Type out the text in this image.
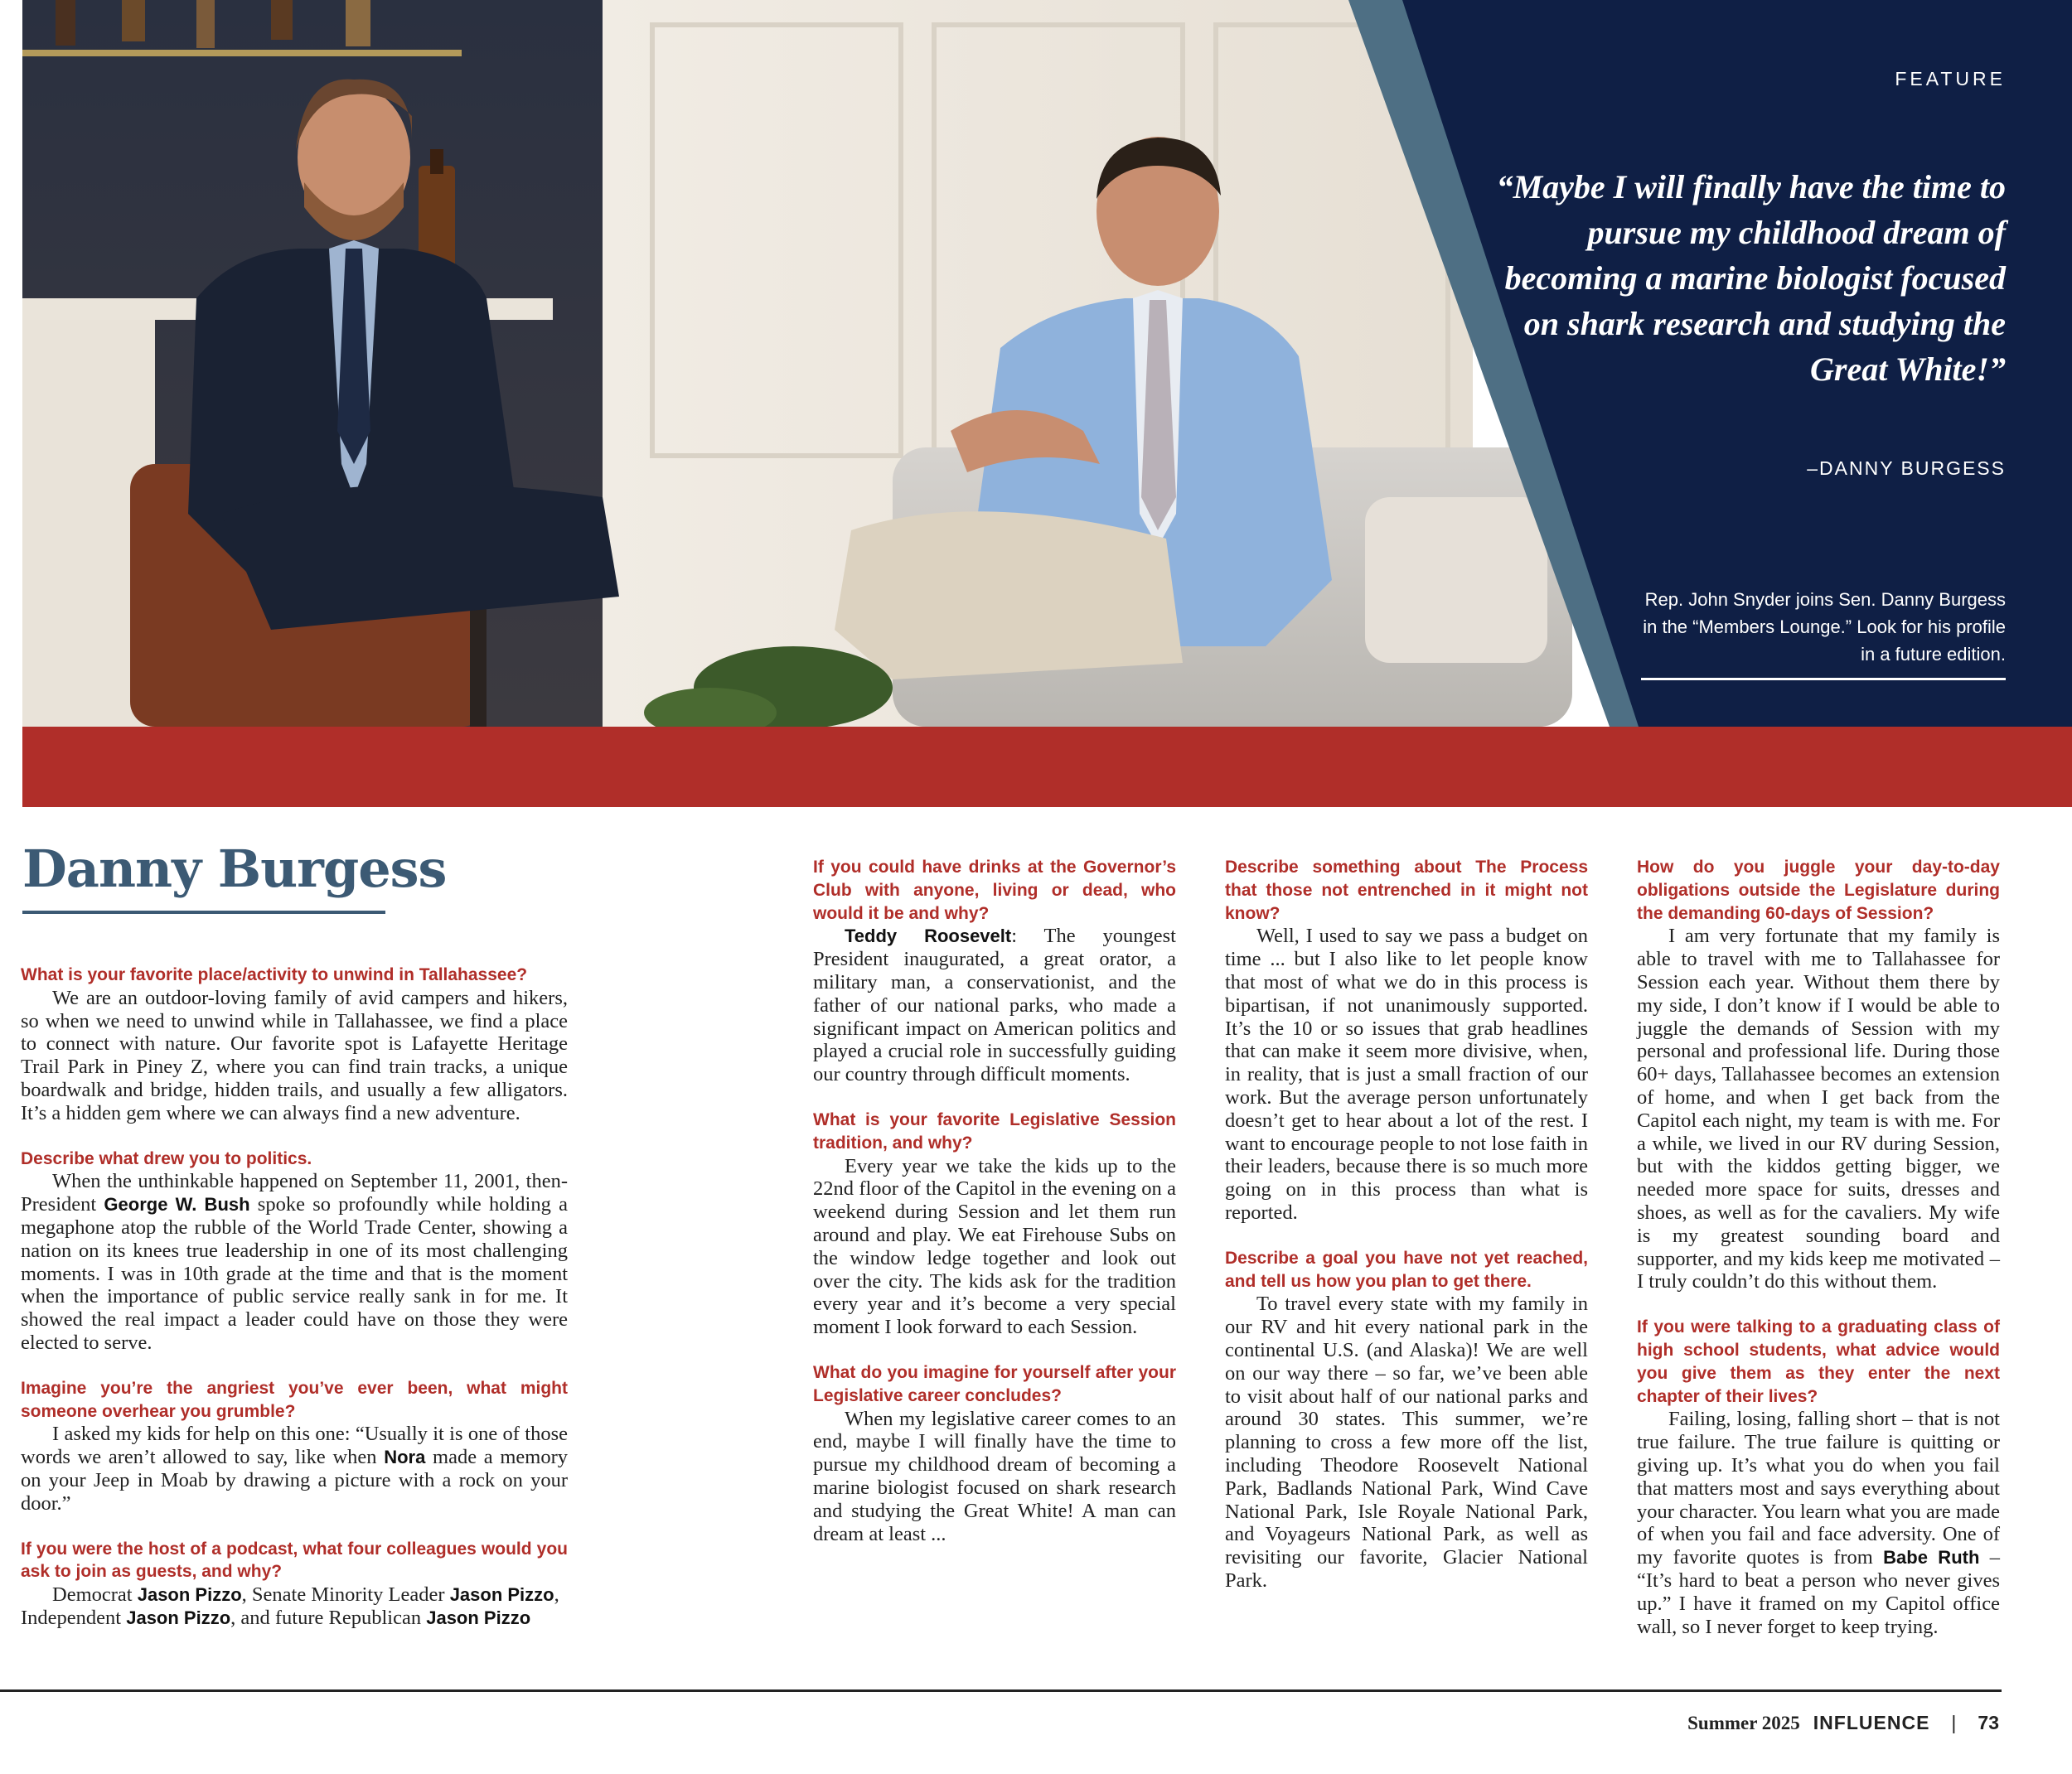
FEATURE
“Maybe I will finally have the time to pursue my childhood dream of becoming a marine biologist focused on shark research and studying the Great White!”
–DANNY BURGESS
Rep. John Snyder joins Sen. Danny Burgess in the “Members Lounge.” Look for his profile in a future edition.
Danny Burgess

What is your favorite place/activity to unwind in Tallahassee?

We are an outdoor-loving family of avid campers and hikers, so when we need to unwind while in Tallahassee, we find a place to connect with nature. Our favorite spot is Lafayette Heritage Trail Park in Piney Z, where you can find train tracks, a unique boardwalk and bridge, hidden trails, and usually a few alligators. It’s a hidden gem where we can always find a new adventure.

Describe what drew you to politics.

When the unthinkable happened on September 11, 2001, then-President George W. Bush spoke so profoundly while holding a megaphone atop the rubble of the World Trade Center, showing a nation on its knees true leadership in one of its most challenging moments. I was in 10th grade at the time and that is the moment when the importance of public service really sank in for me. It showed the real impact a leader could have on those they were elected to serve.

Imagine you’re the angriest you’ve ever been, what might someone overhear you grumble?

I asked my kids for help on this one: “Usually it is one of those words we aren’t allowed to say, like when Nora made a memory on your Jeep in Moab by drawing a picture with a rock on your door.”

If you were the host of a podcast, what four colleagues would you ask to join as guests, and why?

Democrat Jason Pizzo, Senate Minority Leader Jason Pizzo, Independent Jason Pizzo, and future Republican Jason Pizzo

If you could have drinks at the Governor’s Club with anyone, living or dead, who would it be and why?

Teddy Roosevelt: The youngest President inaugurated, a great orator, a military man, a conservationist, and the father of our national parks, who made a significant impact on American politics and played a crucial role in successfully guiding our country through difficult moments.

What is your favorite Legislative Session tradition, and why?

Every year we take the kids up to the 22nd floor of the Capitol in the evening on a weekend during Session and let them run around and play. We eat Firehouse Subs on the window ledge together and look out over the city. The kids ask for the tradition every year and it’s become a very special moment I look forward to each Session.

What do you imagine for yourself after your Legislative career concludes?

When my legislative career comes to an end, maybe I will finally have the time to pursue my childhood dream of becoming a marine biologist focused on shark research and studying the Great White! A man can dream at least ...

Describe something about The Process that those not entrenched in it might not know?

Well, I used to say we pass a budget on time ... but I also like to let people know that most of what we do in this process is bipartisan, if not unanimously supported. It’s the 10 or so issues that grab headlines that can make it seem more divisive, when, in reality, that is just a small fraction of our work. But the average person unfortunately doesn’t get to hear about a lot of the rest. I want to encourage people to not lose faith in their leaders, because there is so much more going on in this process than what is reported.

Describe a goal you have not yet reached, and tell us how you plan to get there.

To travel every state with my family in our RV and hit every national park in the continental U.S. (and Alaska)! We are well on our way there – so far, we’ve been able to visit about half of our national parks and around 30 states. This summer, we’re planning to cross a few more off the list, including Theodore Roosevelt National Park, Badlands National Park, Wind Cave National Park, Isle Royale National Park, and Voyageurs National Park, as well as revisiting our favorite, Glacier National Park.

How do you juggle your day-to-day obligations outside the Legislature during the demanding 60-days of Session?

I am very fortunate that my family is able to travel with me to Tallahassee for Session each year. Without them there by my side, I don’t know if I would be able to juggle the demands of Session with my personal and professional life. During those 60+ days, Tallahassee becomes an extension of home, and when I get back from the Capitol each night, my team is with me. For a while, we lived in our RV during Session, but with the kiddos getting bigger, we needed more space for suits, dresses and shoes, as well as for the cavaliers. My wife is my greatest sounding board and supporter, and my kids keep me motivated – I truly couldn’t do this without them.

If you were talking to a graduating class of high school students, what advice would you give them as they enter the next chapter of their lives?

Failing, losing, falling short – that is not true failure. The true failure is quitting or giving up. It’s what you do when you fail that matters most and says everything about your character. You learn what you are made of when you fail and face adversity. One of my favorite quotes is from Babe Ruth – “It’s hard to beat a person who never gives up.” I have it framed on my Capitol office wall, so I never forget to keep trying.

Summer 2025 INFLUENCE | 73
